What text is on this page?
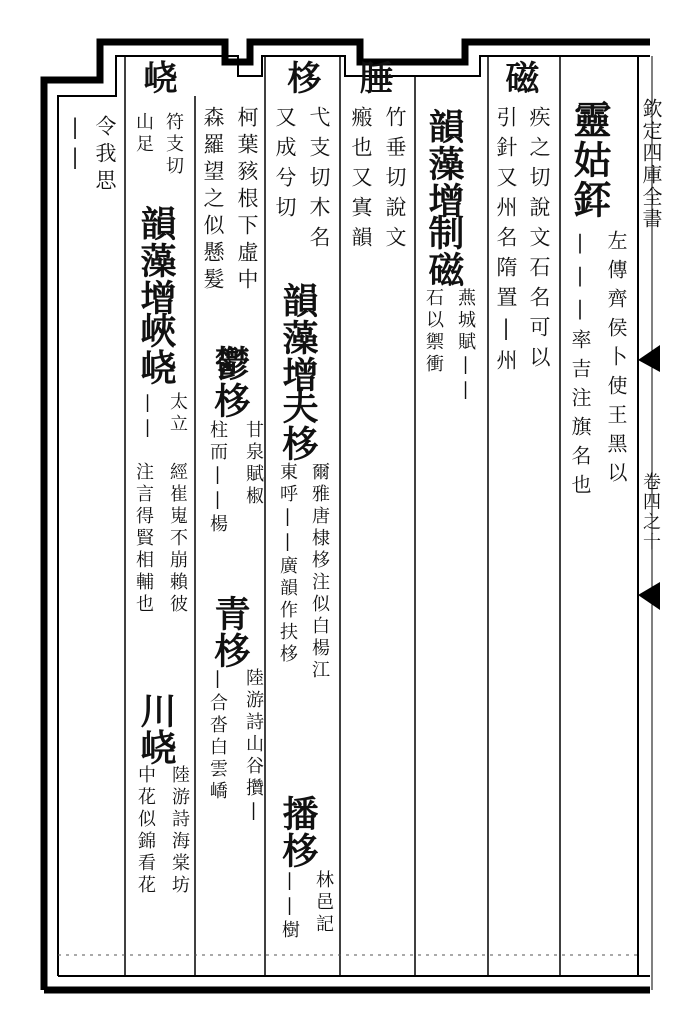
欽定四庫全書
卷四之十
靈姑銔
左傳齊侯卜使王黑以
|||率吉注旗名也
磁
疾之切說文石名可以
引針又州名隋置|州
韻藻增
制磁
燕城賦||
石以禦衝
腄
竹垂切說文
瘢也又寘韻
栘
弋支切木名
又成兮切
韻藻增
夫栘
爾雅唐棣栘注似白楊江
東呼||廣韻作扶栘
播栘
林邑記
||樹
柯葉豥根下虛中
森羅望之似懸髮
鬱栘
甘泉賦椒
柱而||楊
青栘
陸游詩山谷攢|
|合沓白雲嶠
峣
符支切
山足
韻藻增
峽峣
太立
||
經崔嵬不崩賴彼
注言得賢相輔也
川峣
陸游詩海棠坊
中花似錦看花
令我思
||
